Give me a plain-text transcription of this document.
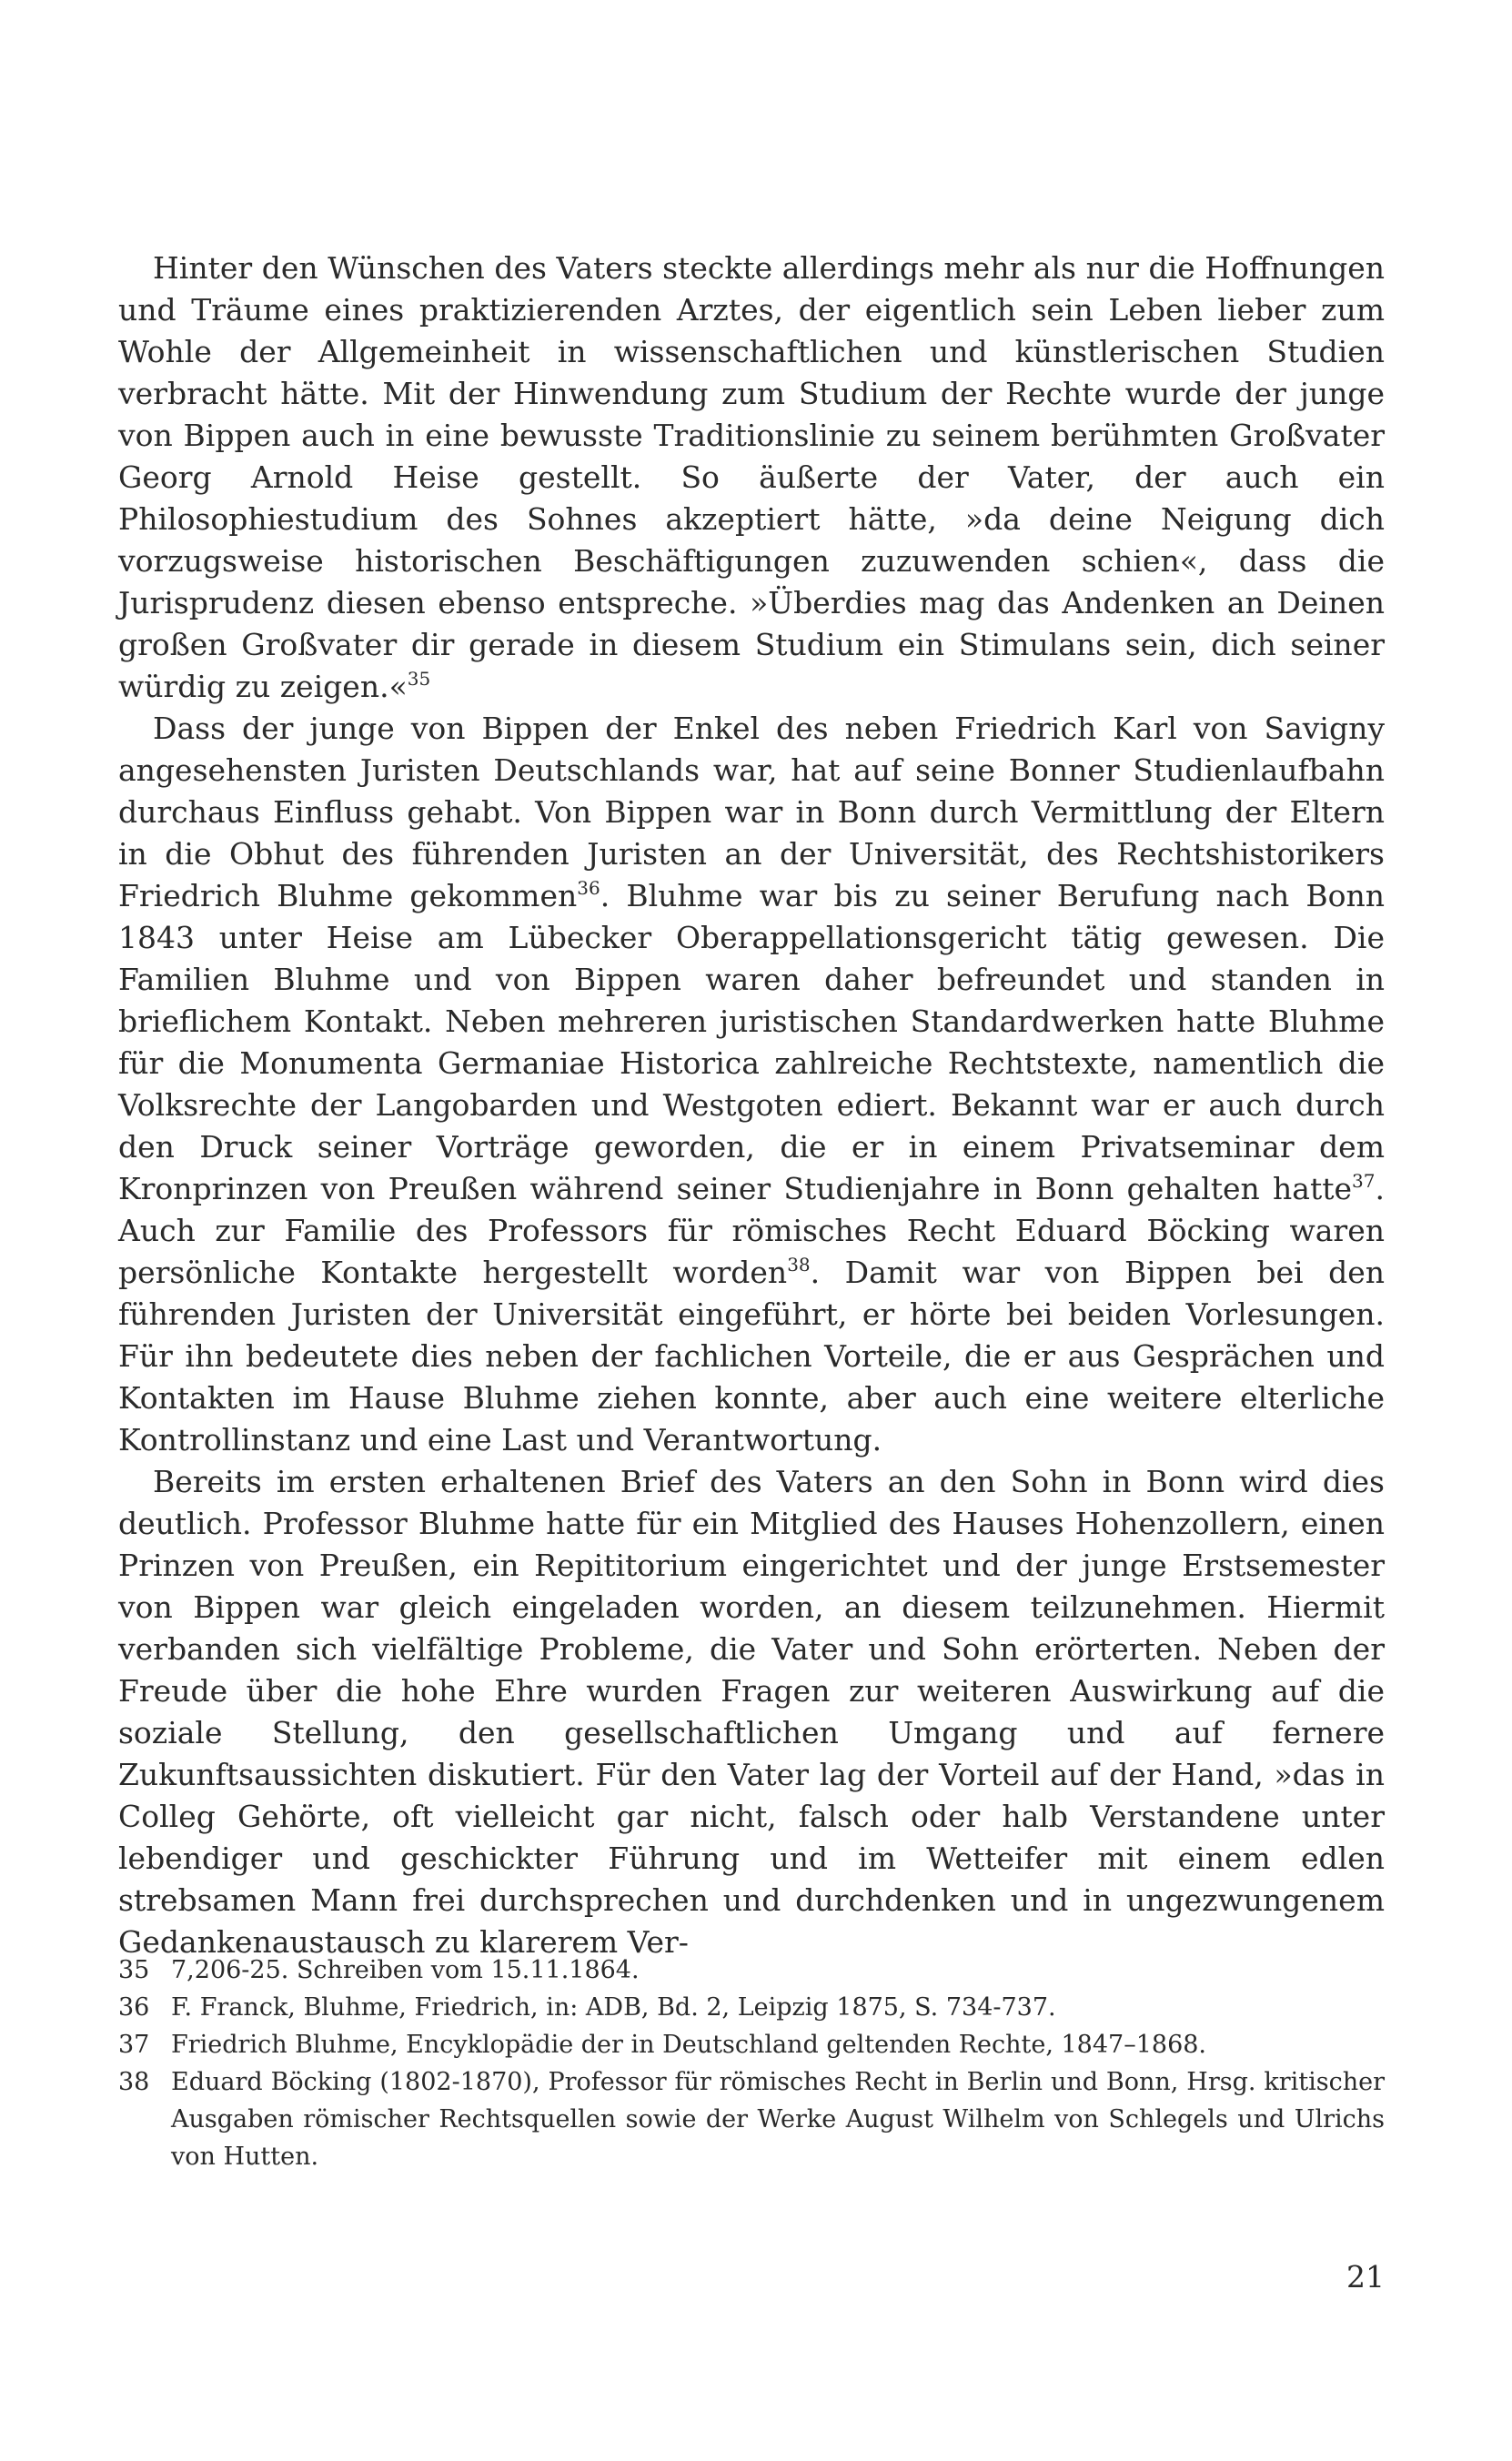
Hinter den Wünschen des Vaters steckte allerdings mehr als nur die Hoffnungen und Träume eines praktizierenden Arztes, der eigentlich sein Leben lieber zum Wohle der Allgemeinheit in wissenschaftlichen und künstlerischen Studien verbracht hätte. Mit der Hinwendung zum Studium der Rechte wurde der junge von Bippen auch in eine bewusste Traditionslinie zu seinem berühmten Großvater Georg Arnold Heise gestellt. So äußerte der Vater, der auch ein Philosophiestudium des Sohnes akzeptiert hätte, »da deine Neigung dich vorzugsweise historischen Beschäftigungen zuzuwenden schien«, dass die Jurisprudenz diesen ebenso entspreche. »Überdies mag das Andenken an Deinen großen Großvater dir gerade in diesem Studium ein Stimulans sein, dich seiner würdig zu zeigen.«$^{35}$

Dass der junge von Bippen der Enkel des neben Friedrich Karl von Savigny angesehensten Juristen Deutschlands war, hat auf seine Bonner Studienlaufbahn durchaus Einfluss gehabt. Von Bippen war in Bonn durch Vermittlung der Eltern in die Obhut des führenden Juristen an der Universität, des Rechtshistorikers Friedrich Bluhme gekommen$^{36}$. Bluhme war bis zu seiner Berufung nach Bonn 1843 unter Heise am Lübecker Oberappellationsgericht tätig gewesen. Die Familien Bluhme und von Bippen waren daher befreundet und standen in brieflichem Kontakt. Neben mehreren juristischen Standardwerken hatte Bluhme für die Monumenta Germaniae Historica zahlreiche Rechtstexte, namentlich die Volksrechte der Langobarden und Westgoten ediert. Bekannt war er auch durch den Druck seiner Vorträge geworden, die er in einem Privatseminar dem Kronprinzen von Preußen während seiner Studienjahre in Bonn gehalten hatte$^{37}$. Auch zur Familie des Professors für römisches Recht Eduard Böcking waren persönliche Kontakte hergestellt worden$^{38}$. Damit war von Bippen bei den führenden Juristen der Universität eingeführt, er hörte bei beiden Vorlesungen. Für ihn bedeutete dies neben der fachlichen Vorteile, die er aus Gesprächen und Kontakten im Hause Bluhme ziehen konnte, aber auch eine weitere elterliche Kontrollinstanz und eine Last und Verantwortung.

Bereits im ersten erhaltenen Brief des Vaters an den Sohn in Bonn wird dies deutlich. Professor Bluhme hatte für ein Mitglied des Hauses Hohenzollern, einen Prinzen von Preußen, ein Repititorium eingerichtet und der junge Erstsemester von Bippen war gleich eingeladen worden, an diesem teilzunehmen. Hiermit verbanden sich vielfältige Probleme, die Vater und Sohn erörterten. Neben der Freude über die hohe Ehre wurden Fragen zur weiteren Auswirkung auf die soziale Stellung, den gesellschaftlichen Umgang und auf fernere Zukunftsaussichten diskutiert. Für den Vater lag der Vorteil auf der Hand, »das in Colleg Gehörte, oft vielleicht gar nicht, falsch oder halb Verstandene unter lebendiger und geschickter Führung und im Wetteifer mit einem edlen strebsamen Mann frei durchsprechen und durchdenken und in ungezwungenem Gedankenaustausch zu klarerem Ver-

35 7,206-25. Schreiben vom 15.11.1864.
36 F. Franck, Bluhme, Friedrich, in: ADB, Bd. 2, Leipzig 1875, S. 734-737.
37 Friedrich Bluhme, Encyklopädie der in Deutschland geltenden Rechte, 1847–1868.
38 Eduard Böcking (1802-1870), Professor für römisches Recht in Berlin und Bonn, Hrsg. kritischer Ausgaben römischer Rechtsquellen sowie der Werke August Wilhelm von Schlegels und Ulrichs von Hutten.
21
